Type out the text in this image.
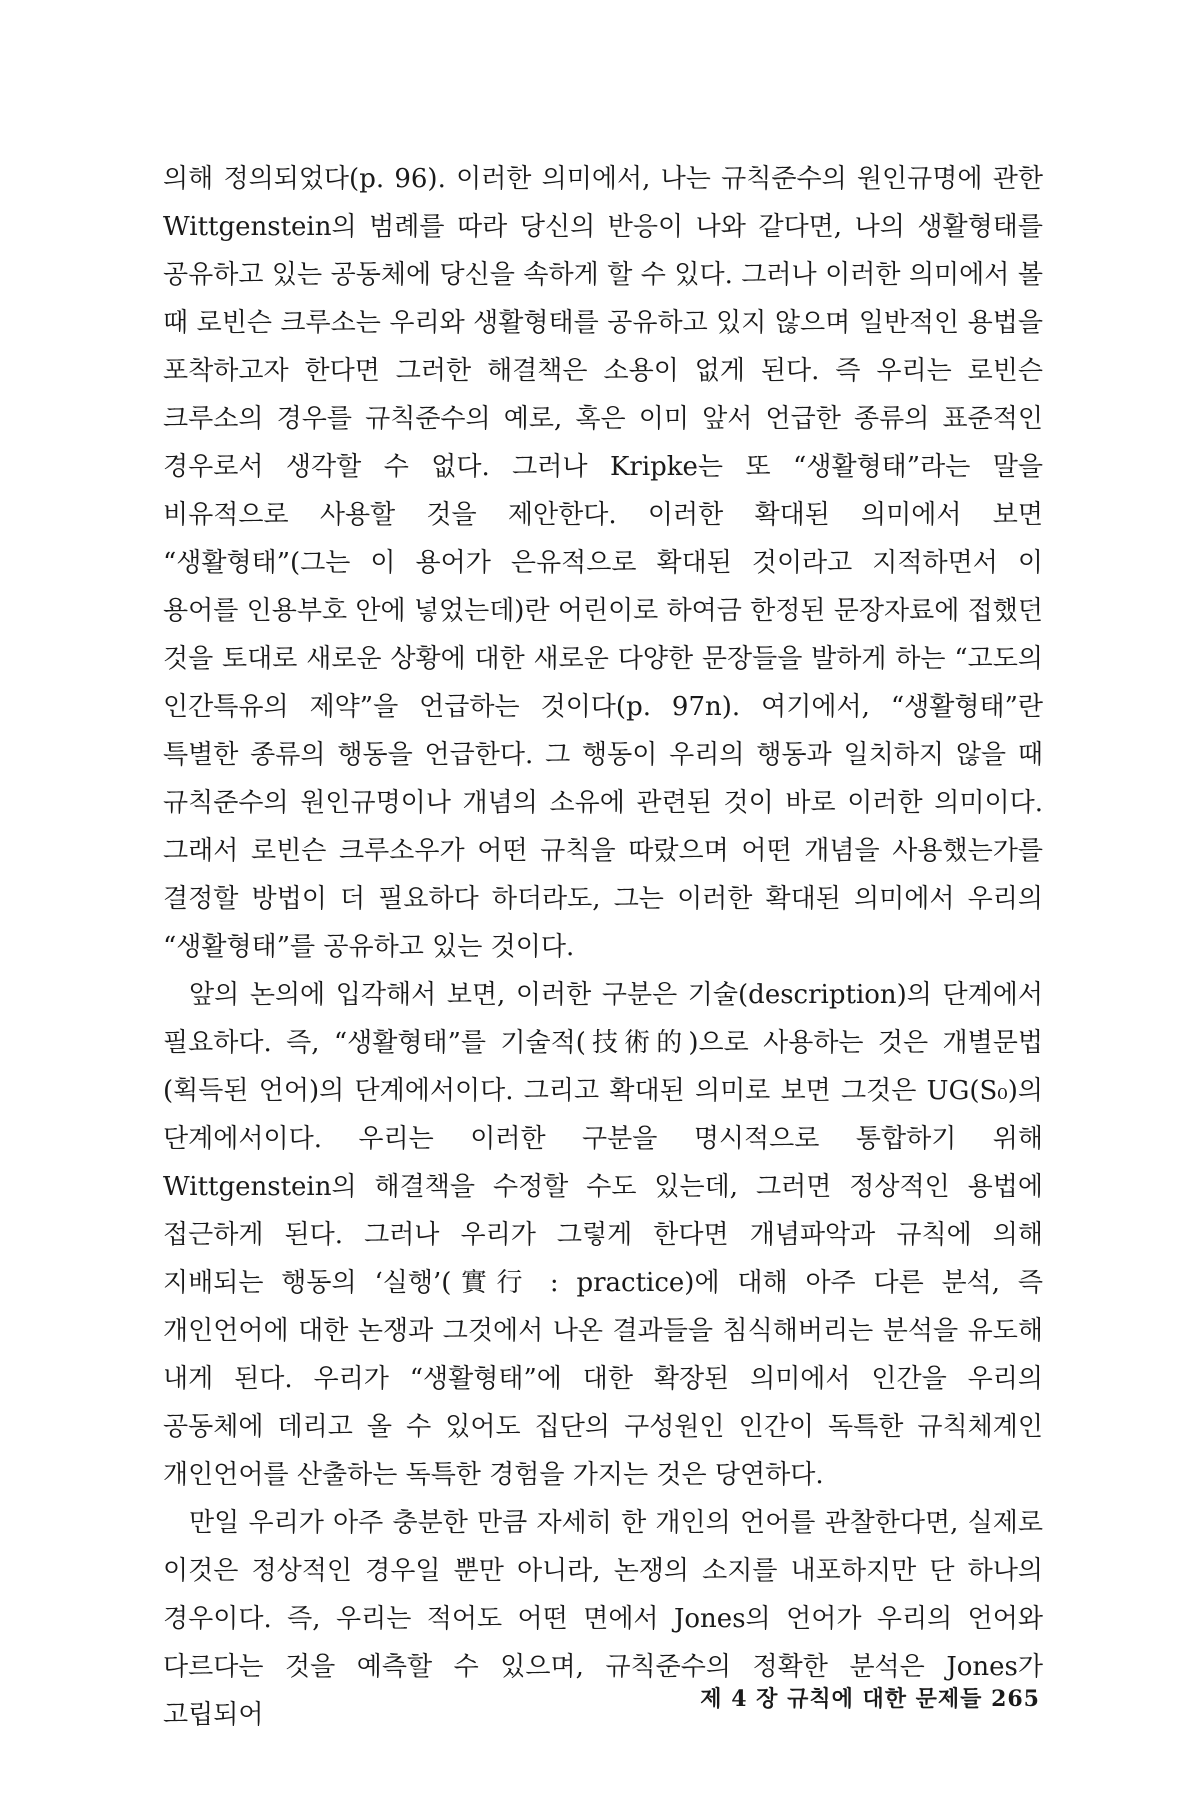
의해 정의되었다(p. 96). 이러한 의미에서, 나는 규칙준수의 원인규명에 관한 Wittgenstein의 범례를 따라 당신의 반응이 나와 같다면, 나의 생활형태를 공유하고 있는 공동체에 당신을 속하게 할 수 있다. 그러나 이러한 의미에서 볼 때 로빈슨 크루소는 우리와 생활형태를 공유하고 있지 않으며 일반적인 용법을 포착하고자 한다면 그러한 해결책은 소용이 없게 된다. 즉 우리는 로빈슨 크루소의 경우를 규칙준수의 예로, 혹은 이미 앞서 언급한 종류의 표준적인 경우로서 생각할 수 없다. 그러나 Kripke는 또 “생활형태”라는 말을 비유적으로 사용할 것을 제안한다. 이러한 확대된 의미에서 보면 “생활형태”(그는 이 용어가 은유적으로 확대된 것이라고 지적하면서 이 용어를 인용부호 안에 넣었는데)란 어린이로 하여금 한정된 문장자료에 접했던 것을 토대로 새로운 상황에 대한 새로운 다양한 문장들을 발하게 하는 “고도의 인간특유의 제약”을 언급하는 것이다(p. 97n). 여기에서, “생활형태”란 특별한 종류의 행동을 언급한다. 그 행동이 우리의 행동과 일치하지 않을 때 규칙준수의 원인규명이나 개념의 소유에 관련된 것이 바로 이러한 의미이다. 그래서 로빈슨 크루소우가 어떤 규칙을 따랐으며 어떤 개념을 사용했는가를 결정할 방법이 더 필요하다 하더라도, 그는 이러한 확대된 의미에서 우리의 “생활형태”를 공유하고 있는 것이다.

앞의 논의에 입각해서 보면, 이러한 구분은 기술(description)의 단계에서 필요하다. 즉, “생활형태”를 기술적(技術的)으로 사용하는 것은 개별문법(획득된 언어)의 단계에서이다. 그리고 확대된 의미로 보면 그것은 UG(S₀)의 단계에서이다. 우리는 이러한 구분을 명시적으로 통합하기 위해 Wittgenstein의 해결책을 수정할 수도 있는데, 그러면 정상적인 용법에 접근하게 된다. 그러나 우리가 그렇게 한다면 개념파악과 규칙에 의해 지배되는 행동의 ‘실행’(實行 : practice)에 대해 아주 다른 분석, 즉 개인언어에 대한 논쟁과 그것에서 나온 결과들을 침식해버리는 분석을 유도해 내게 된다. 우리가 “생활형태”에 대한 확장된 의미에서 인간을 우리의 공동체에 데리고 올 수 있어도 집단의 구성원인 인간이 독특한 규칙체계인 개인언어를 산출하는 독특한 경험을 가지는 것은 당연하다.

만일 우리가 아주 충분한 만큼 자세히 한 개인의 언어를 관찰한다면, 실제로 이것은 정상적인 경우일 뿐만 아니라, 논쟁의 소지를 내포하지만 단 하나의 경우이다. 즉, 우리는 적어도 어떤 면에서 Jones의 언어가 우리의 언어와 다르다는 것을 예측할 수 있으며, 규칙준수의 정확한 분석은 Jones가 고립되어

제 4 장 규칙에 대한 문제들 265
